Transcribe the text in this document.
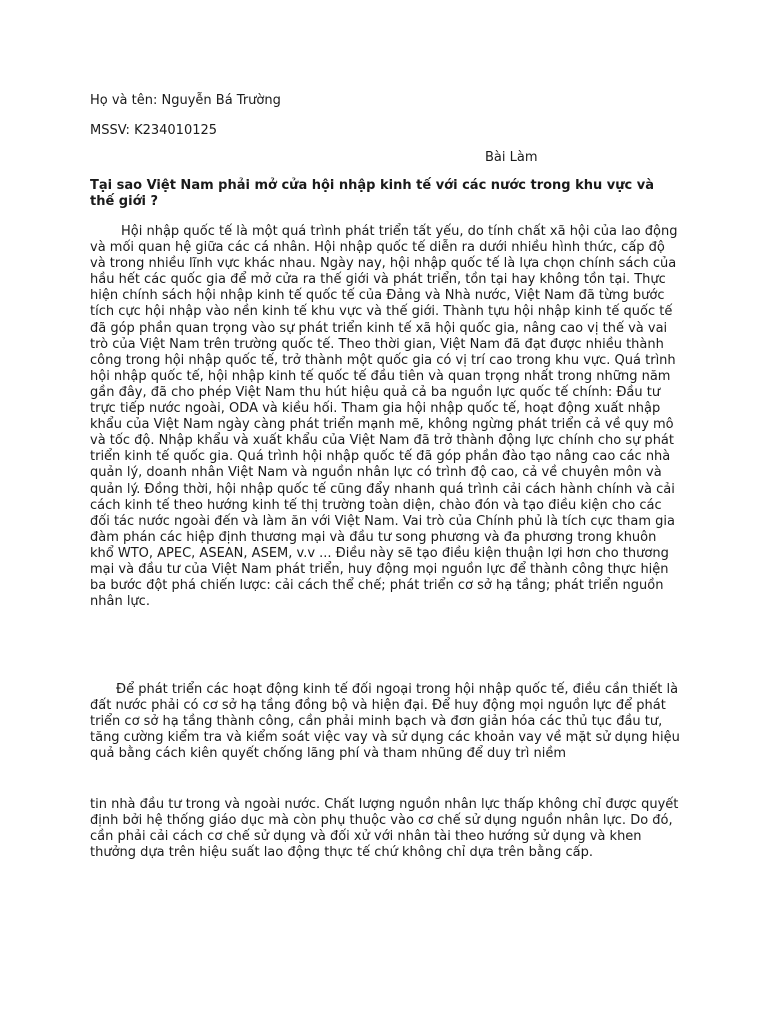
Họ và tên: Nguyễn Bá Trường
MSSV: K234010125
Bài Làm
Tại sao Việt Nam phải mở cửa hội nhập kinh tế với các nước trong khu vực và thế giới ?

Hội nhập quốc tế là một quá trình phát triển tất yếu, do tính chất xã hội của lao động và mối quan hệ giữa các cá nhân. Hội nhập quốc tế diễn ra dưới nhiều hình thức, cấp độ và trong nhiều lĩnh vực khác nhau. Ngày nay, hội nhập quốc tế là lựa chọn chính sách của hầu hết các quốc gia để mở cửa ra thế giới và phát triển, tồn tại hay không tồn tại. Thực hiện chính sách hội nhập kinh tế quốc tế của Đảng và Nhà nước, Việt Nam đã từng bước tích cực hội nhập vào nền kinh tế khu vực và thế giới. Thành tựu hội nhập kinh tế quốc tế đã góp phần quan trọng vào sự phát triển kinh tế xã hội quốc gia, nâng cao vị thế và vai trò của Việt Nam trên trường quốc tế. Theo thời gian, Việt Nam đã đạt được nhiều thành công trong hội nhập quốc tế, trở thành một quốc gia có vị trí cao trong khu vực. Quá trình hội nhập quốc tế, hội nhập kinh tế quốc tế đầu tiên và quan trọng nhất trong những năm gần đây, đã cho phép Việt Nam thu hút hiệu quả cả ba nguồn lực quốc tế chính: Đầu tư trực tiếp nước ngoài, ODA và kiều hối. Tham gia hội nhập quốc tế, hoạt động xuất nhập khẩu của Việt Nam ngày càng phát triển mạnh mẽ, không ngừng phát triển cả về quy mô và tốc độ. Nhập khẩu và xuất khẩu của Việt Nam đã trở thành động lực chính cho sự phát triển kinh tế quốc gia. Quá trình hội nhập quốc tế đã góp phần đào tạo nâng cao các nhà quản lý, doanh nhân Việt Nam và nguồn nhân lực có trình độ cao, cả về chuyên môn và quản lý. Đồng thời, hội nhập quốc tế cũng đẩy nhanh quá trình cải cách hành chính và cải cách kinh tế theo hướng kinh tế thị trường toàn diện, chào đón và tạo điều kiện cho các đối tác nước ngoài đến và làm ăn với Việt Nam. Vai trò của Chính phủ là tích cực tham gia đàm phán các hiệp định thương mại và đầu tư song phương và đa phương trong khuôn khổ WTO, APEC, ASEAN, ASEM, v.v ... Điều này sẽ tạo điều kiện thuận lợi hơn cho thương mại và đầu tư của Việt Nam phát triển, huy động mọi nguồn lực để thành công thực hiện ba bước đột phá chiến lược: cải cách thể chế; phát triển cơ sở hạ tầng; phát triển nguồn nhân lực.

Để phát triển các hoạt động kinh tế đối ngoại trong hội nhập quốc tế, điều cần thiết là đất nước phải có cơ sở hạ tầng đồng bộ và hiện đại. Để huy động mọi nguồn lực để phát triển cơ sở hạ tầng thành công, cần phải minh bạch và đơn giản hóa các thủ tục đầu tư, tăng cường kiểm tra và kiểm soát việc vay và sử dụng các khoản vay về mặt sử dụng hiệu quả bằng cách kiên quyết chống lãng phí và tham nhũng để duy trì niềm

tin nhà đầu tư trong và ngoài nước. Chất lượng nguồn nhân lực thấp không chỉ được quyết định bởi hệ thống giáo dục mà còn phụ thuộc vào cơ chế sử dụng nguồn nhân lực. Do đó, cần phải cải cách cơ chế sử dụng và đối xử với nhân tài theo hướng sử dụng và khen thưởng dựa trên hiệu suất lao động thực tế chứ không chỉ dựa trên bằng cấp.
